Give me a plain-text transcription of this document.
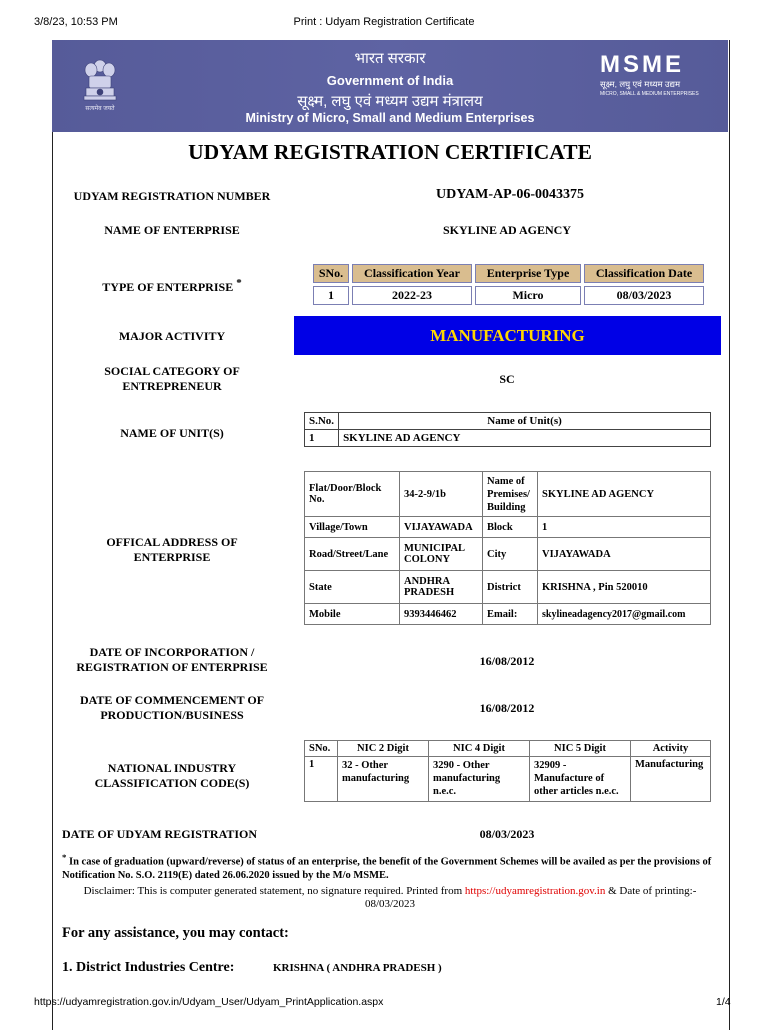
3/8/23, 10:53 PM	Print : Udyam Registration Certificate
सत्यमेव जयते
भारत सरकार
Government of India
सूक्ष्म, लघु एवं मध्यम उद्यम मंत्रालय
Ministry of Micro, Small and Medium Enterprises
MSME
सूक्ष्म, लघु एवं मध्यम उद्यम
MICRO, SMALL & MEDIUM ENTERPRISES
UDYAM REGISTRATION CERTIFICATE
UDYAM REGISTRATION NUMBER	UDYAM-AP-06-0043375
NAME OF ENTERPRISE	SKYLINE AD AGENCY
TYPE OF ENTERPRISE *
SNo.	Classification Year	Enterprise Type	Classification Date
1	2022-23	Micro	08/03/2023
MAJOR ACTIVITY	MANUFACTURING
SOCIAL CATEGORY OF
ENTREPRENEUR	SC
NAME OF UNIT(S)
S.No.	Name of Unit(s)
1	SKYLINE AD AGENCY
OFFICAL ADDRESS OF
ENTERPRISE
Flat/Door/Block No.	34-2-9/1b	Name of Premises/ Building	SKYLINE AD AGENCY
Village/Town	VIJAYAWADA	Block	1
Road/Street/Lane	MUNICIPAL COLONY	City	VIJAYAWADA
State	ANDHRA PRADESH	District	KRISHNA , Pin 520010
Mobile	9393446462	Email:	skylineadagency2017@gmail.com
DATE OF INCORPORATION /
REGISTRATION OF ENTERPRISE	16/08/2012
DATE OF COMMENCEMENT OF
PRODUCTION/BUSINESS	16/08/2012
NATIONAL INDUSTRY
CLASSIFICATION CODE(S)
SNo.	NIC 2 Digit	NIC 4 Digit	NIC 5 Digit	Activity
1	32 - Other manufacturing	3290 - Other manufacturing n.e.c.	32909 - Manufacture of other articles n.e.c.	Manufacturing
DATE OF UDYAM REGISTRATION	08/03/2023
* In case of graduation (upward/reverse) of status of an enterprise, the benefit of the Government Schemes will be availed as per the provisions of Notification No. S.O. 2119(E) dated 26.06.2020 issued by the M/o MSME.
Disclaimer: This is computer generated statement, no signature required. Printed from https://udyamregistration.gov.in & Date of printing:-
08/03/2023
For any assistance, you may contact:
1. District Industries Centre:	KRISHNA ( ANDHRA PRADESH )
https://udyamregistration.gov.in/Udyam_User/Udyam_PrintApplication.aspx	1/4
